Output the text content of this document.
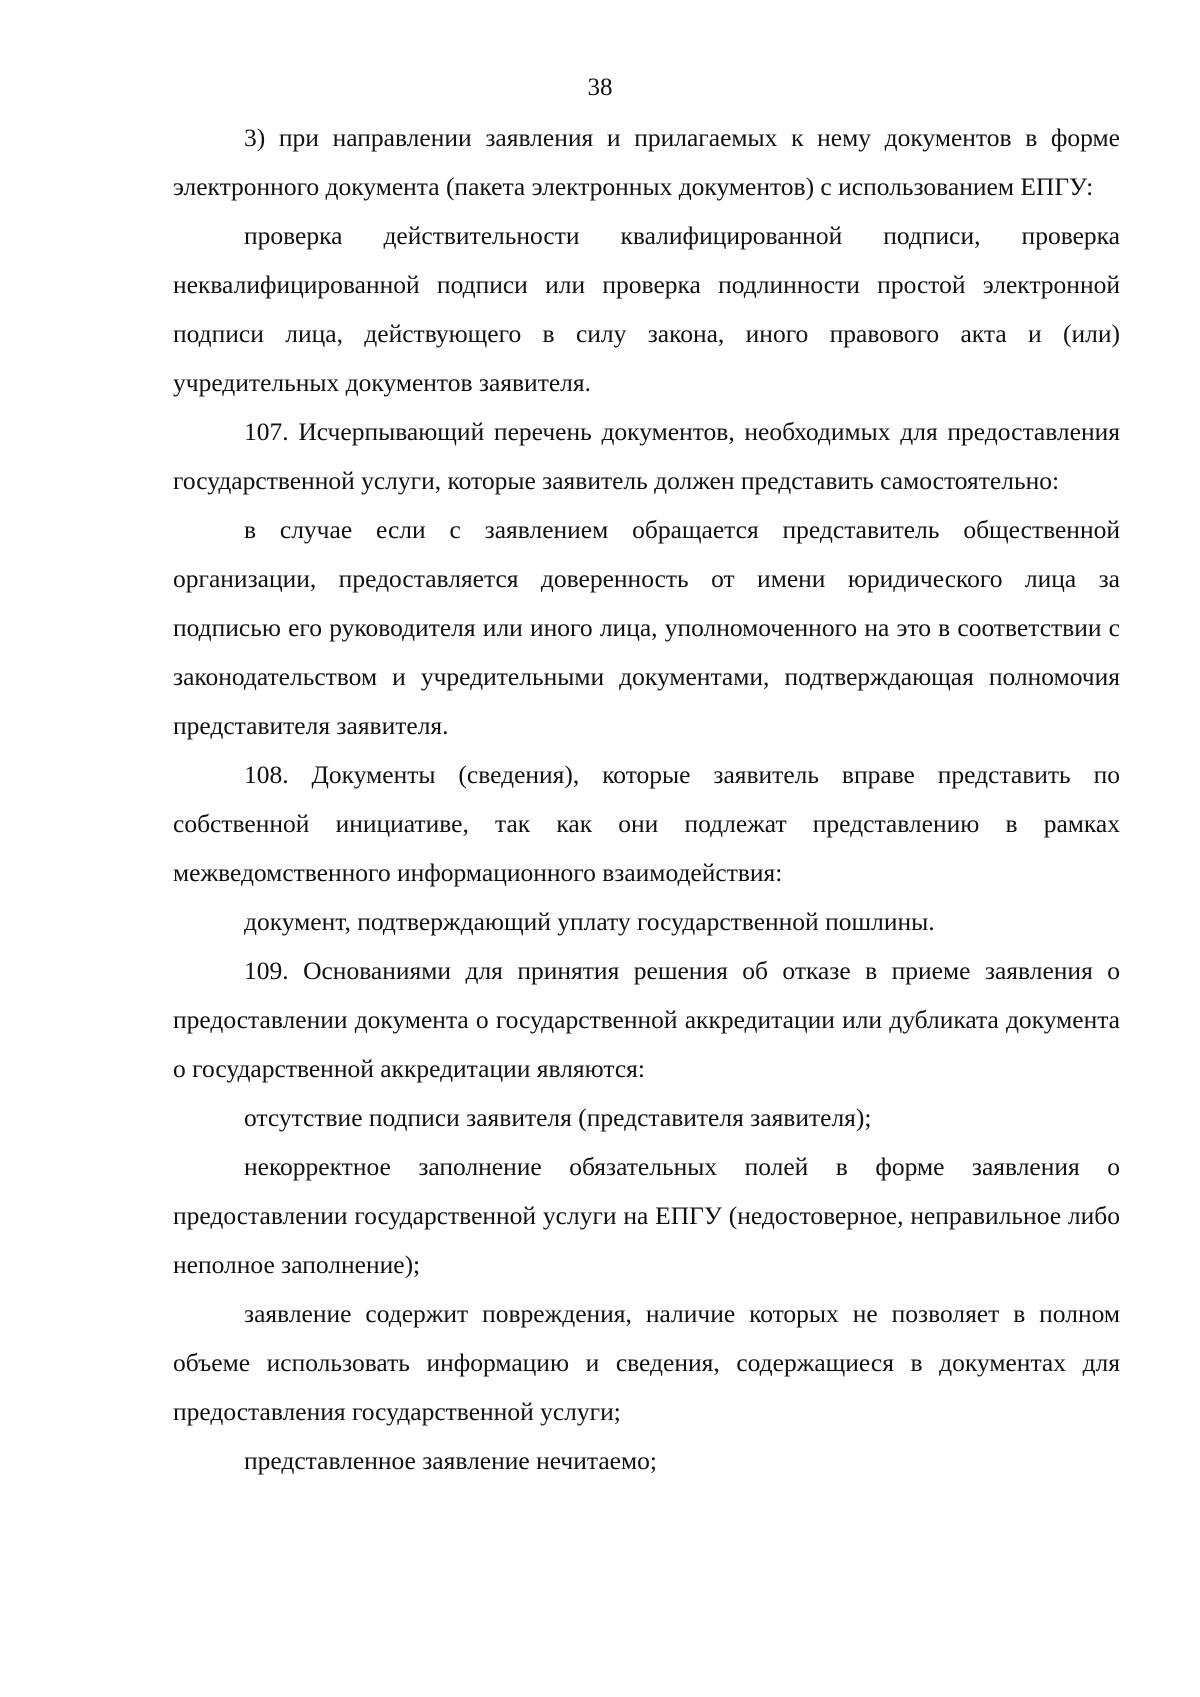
38

3) при направлении заявления и прилагаемых к нему документов в форме электронного документа (пакета электронных документов) с использованием ЕПГУ:

проверка действительности квалифицированной подписи, проверка неквалифицированной подписи или проверка подлинности простой электронной подписи лица, действующего в силу закона, иного правового акта и (или) учредительных документов заявителя.

107. Исчерпывающий перечень документов, необходимых для предоставления государственной услуги, которые заявитель должен представить самостоятельно:

в случае если с заявлением обращается представитель общественной организации, предоставляется доверенность от имени юридического лица за подписью его руководителя или иного лица, уполномоченного на это в соответствии с законодательством и учредительными документами, подтверждающая полномочия представителя заявителя.

108. Документы (сведения), которые заявитель вправе представить по собственной инициативе, так как они подлежат представлению в рамках межведомственного информационного взаимодействия:

документ, подтверждающий уплату государственной пошлины.

109. Основаниями для принятия решения об отказе в приеме заявления о предоставлении документа о государственной аккредитации или дубликата документа о государственной аккредитации являются:

отсутствие подписи заявителя (представителя заявителя);

некорректное заполнение обязательных полей в форме заявления о предоставлении государственной услуги на ЕПГУ (недостоверное, неправильное либо неполное заполнение);

заявление содержит повреждения, наличие которых не позволяет в полном объеме использовать информацию и сведения, содержащиеся в документах для предоставления государственной услуги;

представленное заявление нечитаемо;
